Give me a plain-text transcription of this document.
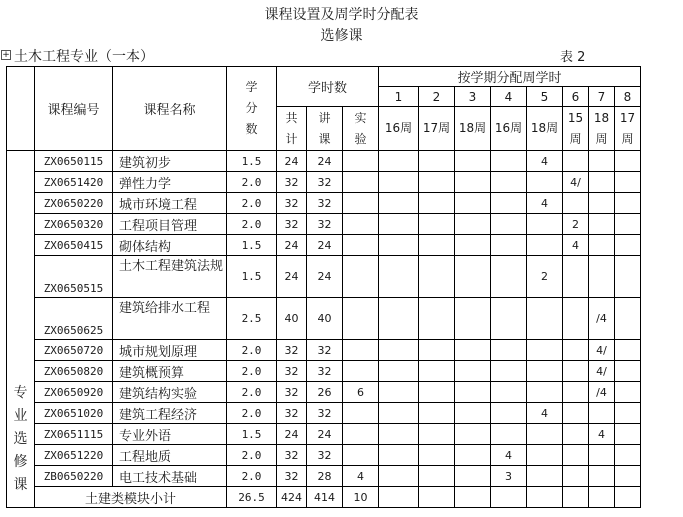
课程设置及周学时分配表
选修课
+ 土木工程专业（一本）	表 2
	课程编号	课程名称	学分数	学时数			按学期分配周学时							
							1	2	3	4	5	6	7	8
				共计	讲课	实验	16周	17周	18周	16周	18周	15周	18周	17周
专业选修课	ZX0650115	建筑初步	1.5	24	24						4			
	ZX0651420	弹性力学	2.0	32	32							4/		
	ZX0650220	城市环境工程	2.0	32	32						4			
	ZX0650320	工程项目管理	2.0	32	32							2		
	ZX0650415	砌体结构	1.5	24	24							4		
	ZX0650515	土木工程建筑法规	1.5	24	24						2			
	ZX0650625	建筑给排水工程	2.5	40	40								/4	
	ZX0650720	城市规划原理	2.0	32	32								4/	
	ZX0650820	建筑概预算	2.0	32	32								4/	
	ZX0650920	建筑结构实验	2.0	32	26	6							/4	
	ZX0651020	建筑工程经济	2.0	32	32						4			
	ZX0651115	专业外语	1.5	24	24								4	
	ZX0651220	工程地质	2.0	32	32					4				
	ZB0650220	电工技术基础	2.0	32	28	4				3				
	土建类模块小计		26.5	424	414	10								
